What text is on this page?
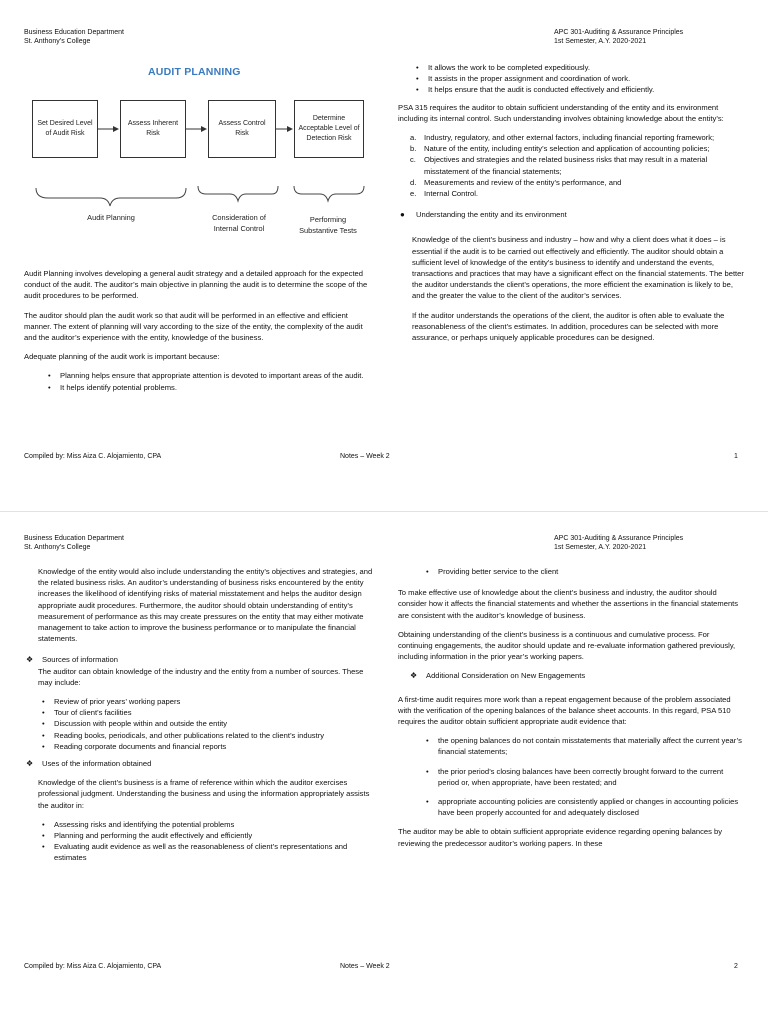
Business Education Department
St. Anthony’s College
APC 301-Auditing & Assurance Principles
1st Semester, A.Y. 2020-2021
AUDIT PLANNING
Set Desired Level of Audit Risk
Assess Inherent Risk
Assess Control Risk
Determine Acceptable Level of Detection Risk
Audit Planning	Consideration of Internal Control
Performing Substantive Tests

Audit Planning involves developing a general audit strategy and a detailed approach for the expected conduct of the audit. The auditor’s main objective in planning the audit is to determine the scope of the audit procedures to be performed.

The auditor should plan the audit work so that audit will be performed in an effective and efficient manner. The extent of planning will vary according to the size of the entity, the complexity of the audit and the auditor’s experience with the entity, knowledge of the business.

Adequate planning of the audit work is important because:

• Planning helps ensure that appropriate attention is devoted to important areas of the audit.
• It helps identify potential problems.
• It allows the work to be completed expeditiously.
• It assists in the proper assignment and coordination of work.
• It helps ensure that the audit is conducted effectively and efficiently.

PSA 315 requires the auditor to obtain sufficient understanding of the entity and its environment including its internal control. Such understanding involves obtaining knowledge about the entity’s:

a. Industry, regulatory, and other external factors, including financial reporting framework;
b. Nature of the entity, including entity’s selection and application of accounting policies;
c. Objectives and strategies and the related business risks that may result in a material misstatement of the financial statements;
d. Measurements and review of the entity’s performance, and
e. Internal Control.
● Understanding the entity and its environment

Knowledge of the client’s business and industry – how and why a client does what it does – is essential if the audit is to be carried out effectively and efficiently. The auditor should obtain a sufficient level of knowledge of the entity’s business to identify and understand the events, transactions and practices that may have a significant effect on the financial statements. The better the auditor understands the client’s operations, the more efficient the examination is likely to be, and the greater the value to the client of the auditor’s services.

If the auditor understands the operations of the client, the auditor is often able to evaluate the reasonableness of the client’s estimates. In addition, procedures can be selected with more assurance, or perhaps uniquely applicable procedures can be designed.

Compiled by: Miss Aiza C. Alojamiento, CPA	Notes – Week 2	1
Business Education Department
St. Anthony’s College
APC 301-Auditing & Assurance Principles
1st Semester, A.Y. 2020-2021

Knowledge of the entity would also include understanding the entity’s objectives and strategies, and the related business risks. An auditor’s understanding of business risks encountered by the entity increases the likelihood of identifying risks of material misstatement and helps the auditor design appropriate audit procedures. Furthermore, the auditor should obtain understanding of entity’s measurement of performance as this may create pressures on the entity that may either motivate management to take action to improve the business performance or to manipulate the financial statements.

❖ Sources of information

The auditor can obtain knowledge of the industry and the entity from a number of sources. These may include:

• Review of prior years’ working papers
• Tour of client’s facilities
• Discussion with people within and outside the entity
• Reading books, periodicals, and other publications related to the client’s industry
• Reading corporate documents and financial reports
❖ Uses of the information obtained

Knowledge of the client’s business is a frame of reference within which the auditor exercises professional judgment. Understanding the business and using the information appropriately assists the auditor in:

• Assessing risks and identifying the potential problems
• Planning and performing the audit effectively and efficiently
• Evaluating audit evidence as well as the reasonableness of client’s representations and estimates
• Providing better service to the client

To make effective use of knowledge about the client’s business and industry, the auditor should consider how it affects the financial statements and whether the assertions in the financial statements are consistent with the auditor’s knowledge of business.

Obtaining understanding of the client’s business is a continuous and cumulative process. For continuing engagements, the auditor should update and re-evaluate information gathered previously, including information in the prior year’s working papers.

❖ Additional Consideration on New Engagements

A first-time audit requires more work than a repeat engagement because of the problem associated with the verification of the opening balances of the balance sheet accounts. In this regard, PSA 510 requires the auditor obtain sufficient appropriate audit evidence that:

• the opening balances do not contain misstatements that materially affect the current year’s financial statements;
• the prior period’s closing balances have been correctly brought forward to the current period or, when appropriate, have been restated; and
• appropriate accounting policies are consistently applied or changes in accounting policies have been properly accounted for and adequately disclosed

The auditor may be able to obtain sufficient appropriate evidence regarding opening balances by reviewing the predecessor auditor’s working papers. In these

Compiled by: Miss Aiza C. Alojamiento, CPA	Notes – Week 2	2
